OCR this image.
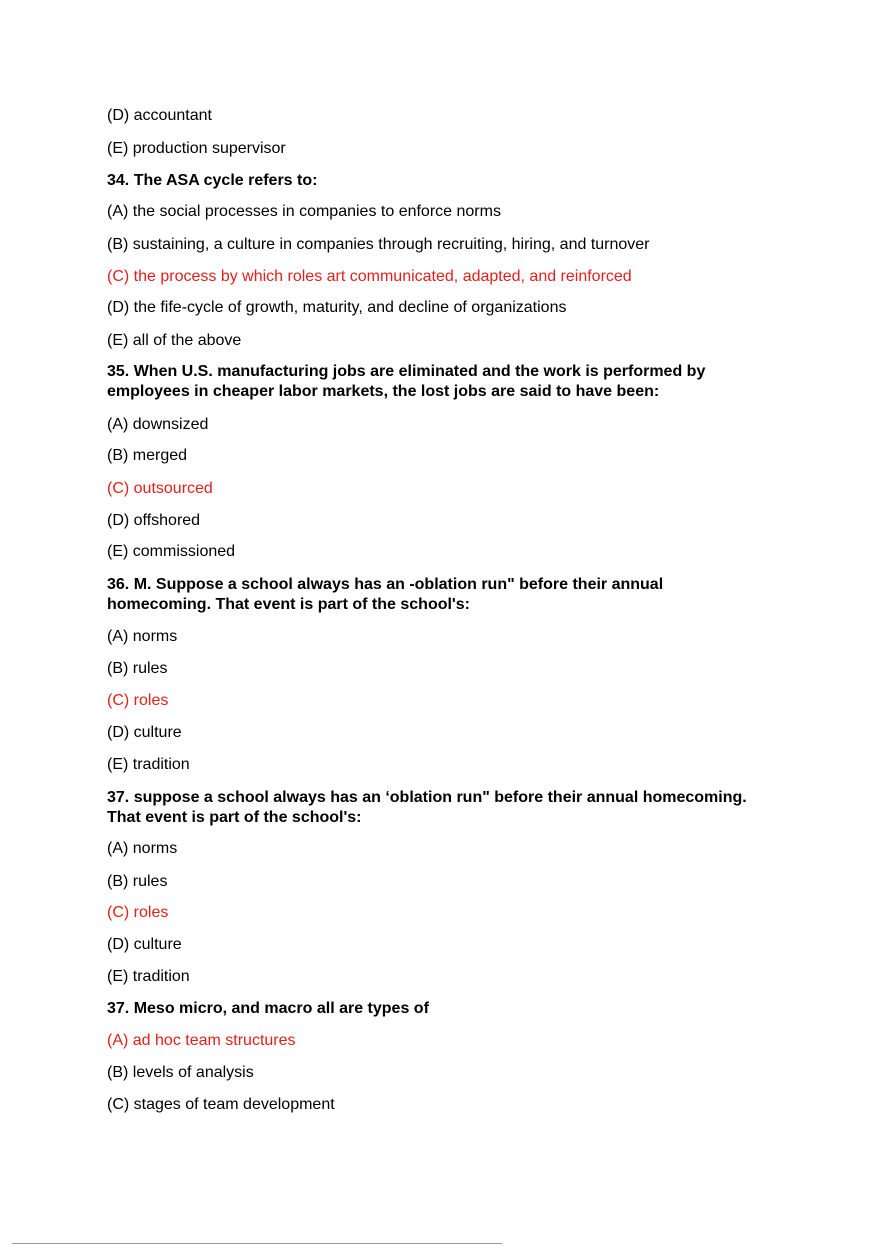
(D) accountant
(E) production supervisor
34. The ASA cycle refers to:
(A) the social processes in companies to enforce norms
(B) sustaining, a culture in companies through recruiting, hiring, and turnover
(C) the process by which roles art communicated, adapted, and reinforced
(D) the fife-cycle of growth, maturity, and decline of organizations
(E) all of the above
35. When U.S. manufacturing jobs are eliminated and the work is performed by employees in cheaper labor markets, the lost jobs are said to have been:
(A) downsized
(B) merged
(C) outsourced
(D) offshored
(E) commissioned
36. M. Suppose a school always has an -oblation run" before their annual homecoming. That event is part of the school's:
(A) norms
(B) rules
(C) roles
(D) culture
(E) tradition
37. suppose a school always has an ‘oblation run" before their annual homecoming. That event is part of the school's:
(A) norms
(B) rules
(C) roles
(D) culture
(E) tradition
37. Meso micro, and macro all are types of
(A) ad hoc team structures
(B) levels of analysis
(C) stages of team development
